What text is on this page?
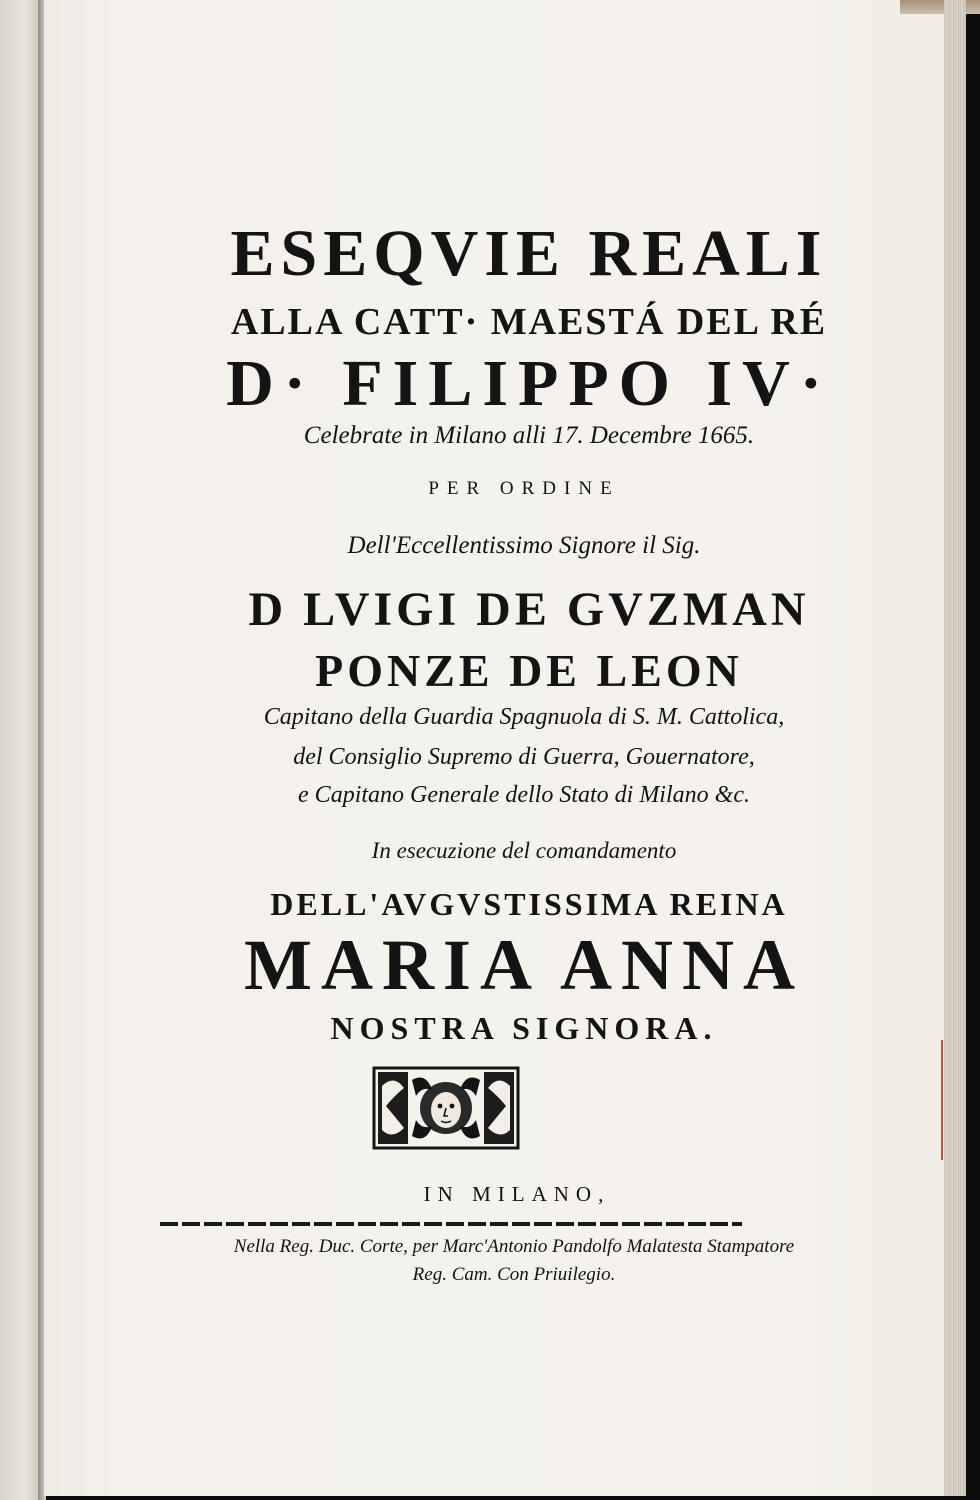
ESEQVIE REALI
ALLA CATT· MAESTÁ DEL RÉ
D· FILIPPO IV·
Celebrate in Milano alli 17. Decembre 1665.
PER ORDINE
Dell'Eccellentissimo Signore il Sig.
D LVIGI DE GVZMAN
PONZE DE LEON
Capitano della Guardia Spagnuola di S. M. Cattolica,
del Consiglio Supremo di Guerra, Gouernatore,
e Capitano Generale dello Stato di Milano &c.
In esecuzione del comandamento
DELL'AVGVSTISSIMA REINA
MARIA ANNA
NOSTRA SIGNORA.
IN MILANO,
Nella Reg. Duc. Corte, per Marc'Antonio Pandolfo Malatesta Stampatore
Reg. Cam. Con Priuilegio.
